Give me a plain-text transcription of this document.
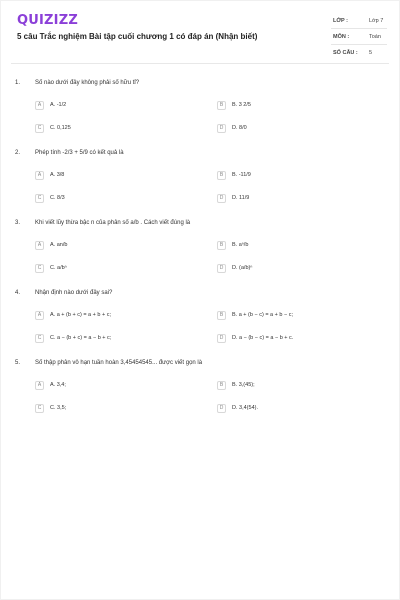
QUIZIZZ
5 câu Trắc nghiệm Bài tập cuối chương 1 có đáp án (Nhận biết)
LỚP :	Lớp 7
MÔN :	Toán
SỐ CÂU : 5
1. Số nào dưới đây không phải số hữu tỉ?
A	A. -1/2	B	B. 3 2/5
C	C. 0,125	D	D. 8/0
2. Phép tính -2/3 + 5/9 có kết quả là
A	A. 3/8	B	B. -11/9
C	C. 8/3	D	D. 11/9
3. Khi viết lũy thừa bậc n của phân số a/b . Cách viết đúng là
A	A. an/b	B	B. aⁿ/b
C	C. a/bⁿ	D	D. (a/b)ⁿ
4. Nhận định nào dưới đây sai?
A	A. a + (b + c) = a + b + c;	B	B. a + (b − c) = a + b − c;
C	C. a − (b + c) = a − b + c;	D	D. a − (b − c) = a − b + c.
5. Số thập phân vô hạn tuần hoàn 3,45454545... được viết gọn là
A	A. 3,4;	B	B. 3,(45);
C	C. 3,5;	D	D. 3,4(54).
